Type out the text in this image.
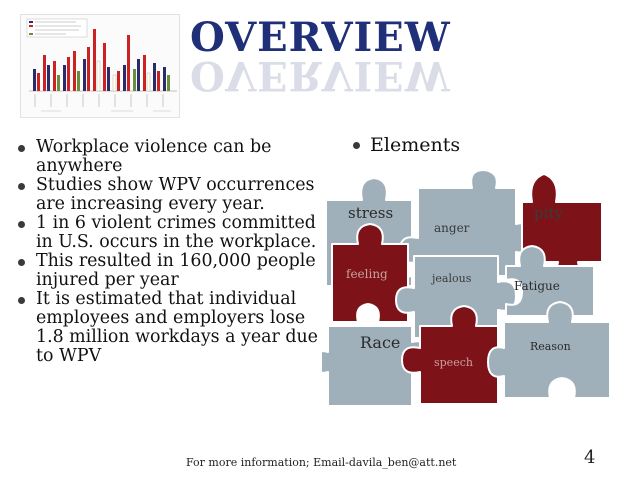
OVERVIEW
OVERVIEW
Workplace violence can be anywhere
Studies show WPV occurrences are increasing every year.
1 in 6 violent crimes committed in U.S. occurs in the workplace.
This resulted in 160,000 people injured per year
It is estimated that individual employees and employers lose 1.8 million workdays a year due to WPV
Elements
stress
anger
pity
feeling	jealous
Fatigue
Race
speech
Reason
For more information; Email-davila_ben@att.net	4
